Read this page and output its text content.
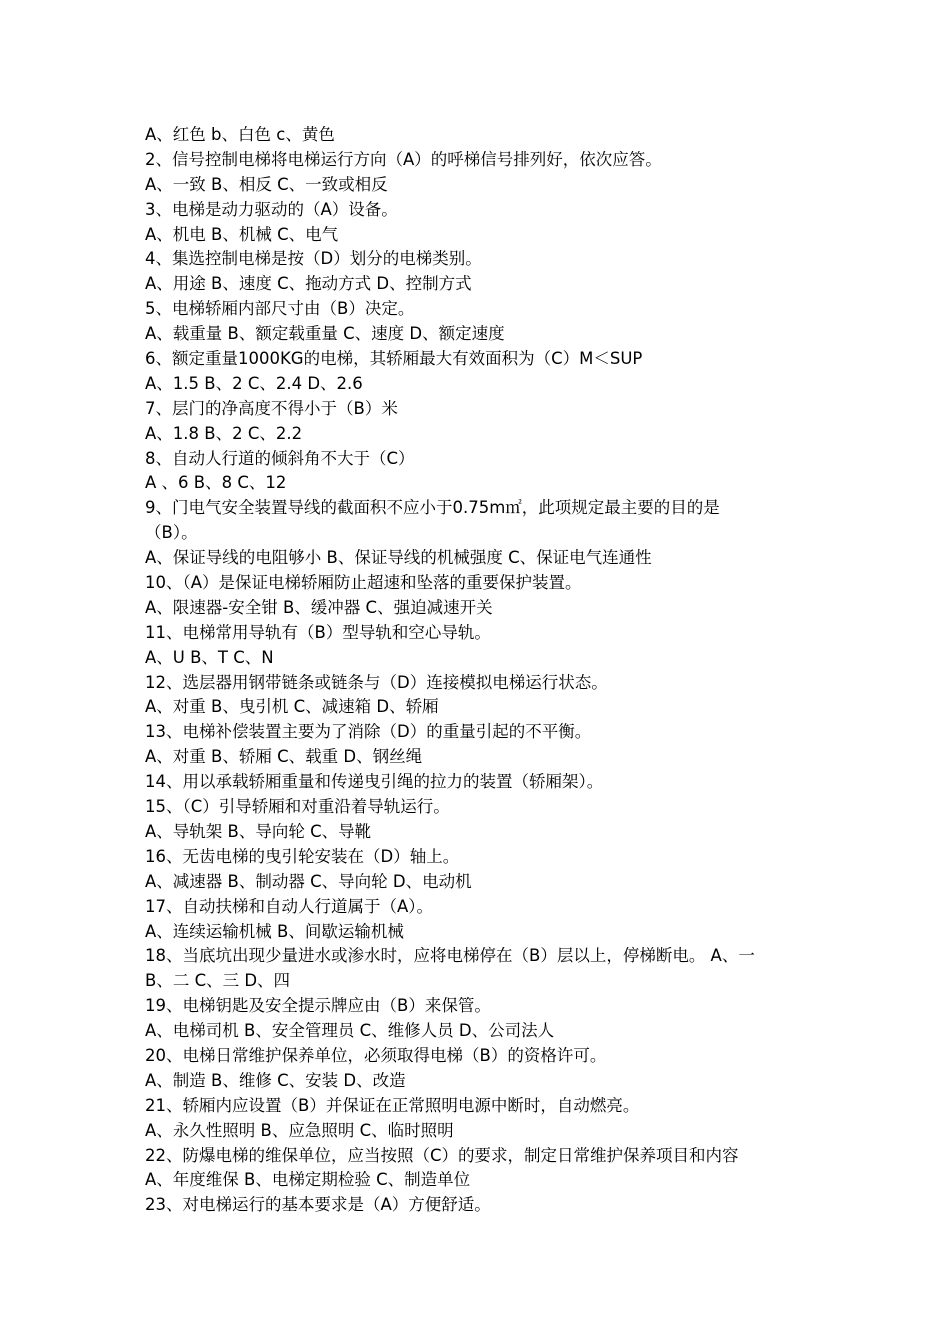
A、红色 b、白色 c、黄色
2、信号控制电梯将电梯运行方向（A）的呼梯信号排列好，依次应答。
A、一致 B、相反 C、一致或相反
3、电梯是动力驱动的（A）设备。
A、机电 B、机械 C、电气
4、集选控制电梯是按（D）划分的电梯类别。
A、用途 B、速度 C、拖动方式 D、控制方式
5、电梯轿厢内部尺寸由（B）决定。
A、载重量 B、额定载重量 C、速度 D、额定速度
6、额定重量1000KG的电梯，其轿厢最大有效面积为（C）M＜SUP
A、1.5 B、2 C、2.4 D、2.6
7、层门的净高度不得小于（B）米
A、1.8 B、2 C、2.2
8、自动人行道的倾斜角不大于（C）
A 、6 B、8 C、12
9、门电气安全装置导线的截面积不应小于0.75m㎡，此项规定最主要的目的是
（B）。
A、保证导线的电阻够小 B、保证导线的机械强度 C、保证电气连通性
10、（A）是保证电梯轿厢防止超速和坠落的重要保护装置。
A、限速器-安全钳 B、缓冲器 C、强迫减速开关
11、电梯常用导轨有（B）型导轨和空心导轨。
A、U B、T C、N
12、选层器用钢带链条或链条与（D）连接模拟电梯运行状态。
A、对重 B、曳引机 C、减速箱 D、轿厢
13、电梯补偿装置主要为了消除（D）的重量引起的不平衡。
A、对重 B、轿厢 C、载重 D、钢丝绳
14、用以承载轿厢重量和传递曳引绳的拉力的装置（轿厢架）。
15、（C）引导轿厢和对重沿着导轨运行。
A、导轨架 B、导向轮 C、导靴
16、无齿电梯的曳引轮安装在（D）轴上。
A、减速器 B、制动器 C、导向轮 D、电动机
17、自动扶梯和自动人行道属于（A）。
A、连续运输机械 B、间歇运输机械
18、当底坑出现少量进水或渗水时，应将电梯停在（B）层以上，停梯断电。 A、一
B、二 C、三 D、四
19、电梯钥匙及安全提示牌应由（B）来保管。
A、电梯司机 B、安全管理员 C、维修人员 D、公司法人
20、电梯日常维护保养单位，必须取得电梯（B）的资格许可。
A、制造 B、维修 C、安装 D、改造
21、轿厢内应设置（B）并保证在正常照明电源中断时，自动燃亮。
A、永久性照明 B、应急照明 C、临时照明
22、防爆电梯的维保单位，应当按照（C）的要求，制定日常维护保养项目和内容
A、年度维保 B、电梯定期检验 C、制造单位
23、对电梯运行的基本要求是（A）方便舒适。
